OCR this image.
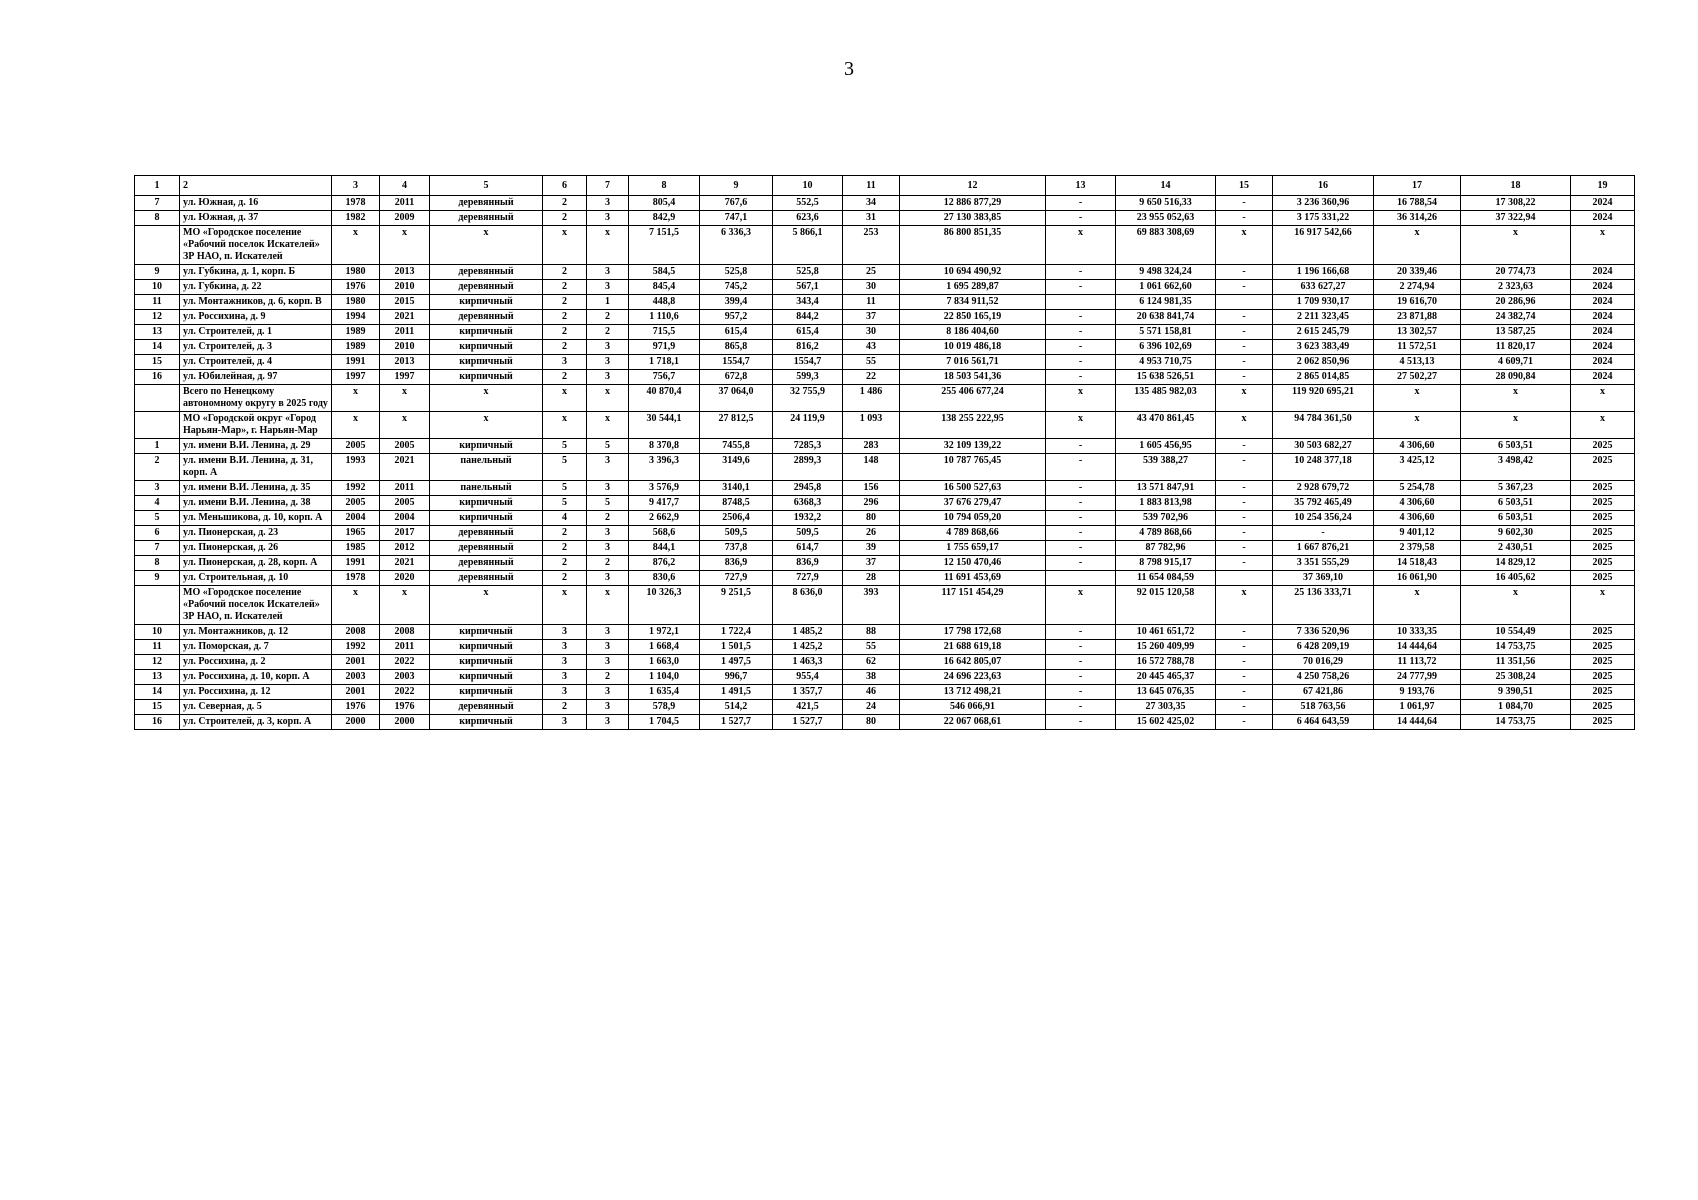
3
1	2	3	4	5	6	7	8	9	10	11	12	13	14	15	16	17	18	19
7	ул. Южная, д. 16	1978	2011	деревянный	2	3	805,4	767,6	552,5	34	12 886 877,29	-	9 650 516,33	-	3 236 360,96	16 788,54	17 308,22	2024
8	ул. Южная, д. 37	1982	2009	деревянный	2	3	842,9	747,1	623,6	31	27 130 383,85	-	23 955 052,63	-	3 175 331,22	36 314,26	37 322,94	2024
	МО «Городское поселение «Рабочий поселок Искателей» ЗР НАО, п. Искателей	х	х	х	х	х	7 151,5	6 336,3	5 866,1	253	86 800 851,35	х	69 883 308,69	х	16 917 542,66	х	х	х
9	ул. Губкина, д. 1, корп. Б	1980	2013	деревянный	2	3	584,5	525,8	525,8	25	10 694 490,92	-	9 498 324,24	-	1 196 166,68	20 339,46	20 774,73	2024
10	ул. Губкина, д. 22	1976	2010	деревянный	2	3	845,4	745,2	567,1	30	1 695 289,87	-	1 061 662,60	-	633 627,27	2 274,94	2 323,63	2024
11	ул. Монтажников, д. 6, корп. В	1980	2015	кирпичный	2	1	448,8	399,4	343,4	11	7 834 911,52		6 124 981,35		1 709 930,17	19 616,70	20 286,96	2024
12	ул. Россихина, д. 9	1994	2021	деревянный	2	2	1 110,6	957,2	844,2	37	22 850 165,19	-	20 638 841,74	-	2 211 323,45	23 871,88	24 382,74	2024
13	ул. Строителей, д. 1	1989	2011	кирпичный	2	2	715,5	615,4	615,4	30	8 186 404,60	-	5 571 158,81	-	2 615 245,79	13 302,57	13 587,25	2024
14	ул. Строителей, д. 3	1989	2010	кирпичный	2	3	971,9	865,8	816,2	43	10 019 486,18	-	6 396 102,69	-	3 623 383,49	11 572,51	11 820,17	2024
15	ул. Строителей, д. 4	1991	2013	кирпичный	3	3	1 718,1	1554,7	1554,7	55	7 016 561,71	-	4 953 710,75	-	2 062 850,96	4 513,13	4 609,71	2024
16	ул. Юбилейная, д. 97	1997	1997	кирпичный	2	3	756,7	672,8	599,3	22	18 503 541,36	-	15 638 526,51	-	2 865 014,85	27 502,27	28 090,84	2024
	Всего по Ненецкому автономному округу в 2025 году	х	х	х	х	х	40 870,4	37 064,0	32 755,9	1 486	255 406 677,24	х	135 485 982,03	х	119 920 695,21	х	х	х
	МО «Городской округ «Город Нарьян-Мар», г. Нарьян-Мар	х	х	х	х	х	30 544,1	27 812,5	24 119,9	1 093	138 255 222,95	х	43 470 861,45	х	94 784 361,50	х	х	х
1	ул. имени В.И. Ленина, д. 29	2005	2005	кирпичный	5	5	8 370,8	7455,8	7285,3	283	32 109 139,22	-	1 605 456,95	-	30 503 682,27	4 306,60	6 503,51	2025
2	ул. имени В.И. Ленина, д. 31, корп. А	1993	2021	панельный	5	3	3 396,3	3149,6	2899,3	148	10 787 765,45	-	539 388,27	-	10 248 377,18	3 425,12	3 498,42	2025
3	ул. имени В.И. Ленина, д. 35	1992	2011	панельный	5	3	3 576,9	3140,1	2945,8	156	16 500 527,63	-	13 571 847,91	-	2 928 679,72	5 254,78	5 367,23	2025
4	ул. имени В.И. Ленина, д. 38	2005	2005	кирпичный	5	5	9 417,7	8748,5	6368,3	296	37 676 279,47	-	1 883 813,98	-	35 792 465,49	4 306,60	6 503,51	2025
5	ул. Меньшикова, д. 10, корп. А	2004	2004	кирпичный	4	2	2 662,9	2506,4	1932,2	80	10 794 059,20	-	539 702,96	-	10 254 356,24	4 306,60	6 503,51	2025
6	ул. Пионерская, д. 23	1965	2017	деревянный	2	3	568,6	509,5	509,5	26	4 789 868,66	-	4 789 868,66	-	-	9 401,12	9 602,30	2025
7	ул. Пионерская, д. 26	1985	2012	деревянный	2	3	844,1	737,8	614,7	39	1 755 659,17	-	87 782,96	-	1 667 876,21	2 379,58	2 430,51	2025
8	ул. Пионерская, д. 28, корп. А	1991	2021	деревянный	2	2	876,2	836,9	836,9	37	12 150 470,46	-	8 798 915,17	-	3 351 555,29	14 518,43	14 829,12	2025
9	ул. Строительная, д. 10	1978	2020	деревянный	2	3	830,6	727,9	727,9	28	11 691 453,69		11 654 084,59		37 369,10	16 061,90	16 405,62	2025
	МО «Городское поселение «Рабочий поселок Искателей» ЗР НАО, п. Искателей	х	х	х	х	х	10 326,3	9 251,5	8 636,0	393	117 151 454,29	х	92 015 120,58	х	25 136 333,71	х	х	х
10	ул. Монтажников, д. 12	2008	2008	кирпичный	3	3	1 972,1	1 722,4	1 485,2	88	17 798 172,68	-	10 461 651,72	-	7 336 520,96	10 333,35	10 554,49	2025
11	ул. Поморская, д. 7	1992	2011	кирпичный	3	3	1 668,4	1 501,5	1 425,2	55	21 688 619,18	-	15 260 409,99	-	6 428 209,19	14 444,64	14 753,75	2025
12	ул. Россихина, д. 2	2001	2022	кирпичный	3	3	1 663,0	1 497,5	1 463,3	62	16 642 805,07	-	16 572 788,78	-	70 016,29	11 113,72	11 351,56	2025
13	ул. Россихина, д. 10, корп. А	2003	2003	кирпичный	3	2	1 104,0	996,7	955,4	38	24 696 223,63	-	20 445 465,37	-	4 250 758,26	24 777,99	25 308,24	2025
14	ул. Россихина, д. 12	2001	2022	кирпичный	3	3	1 635,4	1 491,5	1 357,7	46	13 712 498,21	-	13 645 076,35	-	67 421,86	9 193,76	9 390,51	2025
15	ул. Северная, д. 5	1976	1976	деревянный	2	3	578,9	514,2	421,5	24	546 066,91	-	27 303,35	-	518 763,56	1 061,97	1 084,70	2025
16	ул. Строителей, д. 3, корп. А	2000	2000	кирпичный	3	3	1 704,5	1 527,7	1 527,7	80	22 067 068,61	-	15 602 425,02	-	6 464 643,59	14 444,64	14 753,75	2025
